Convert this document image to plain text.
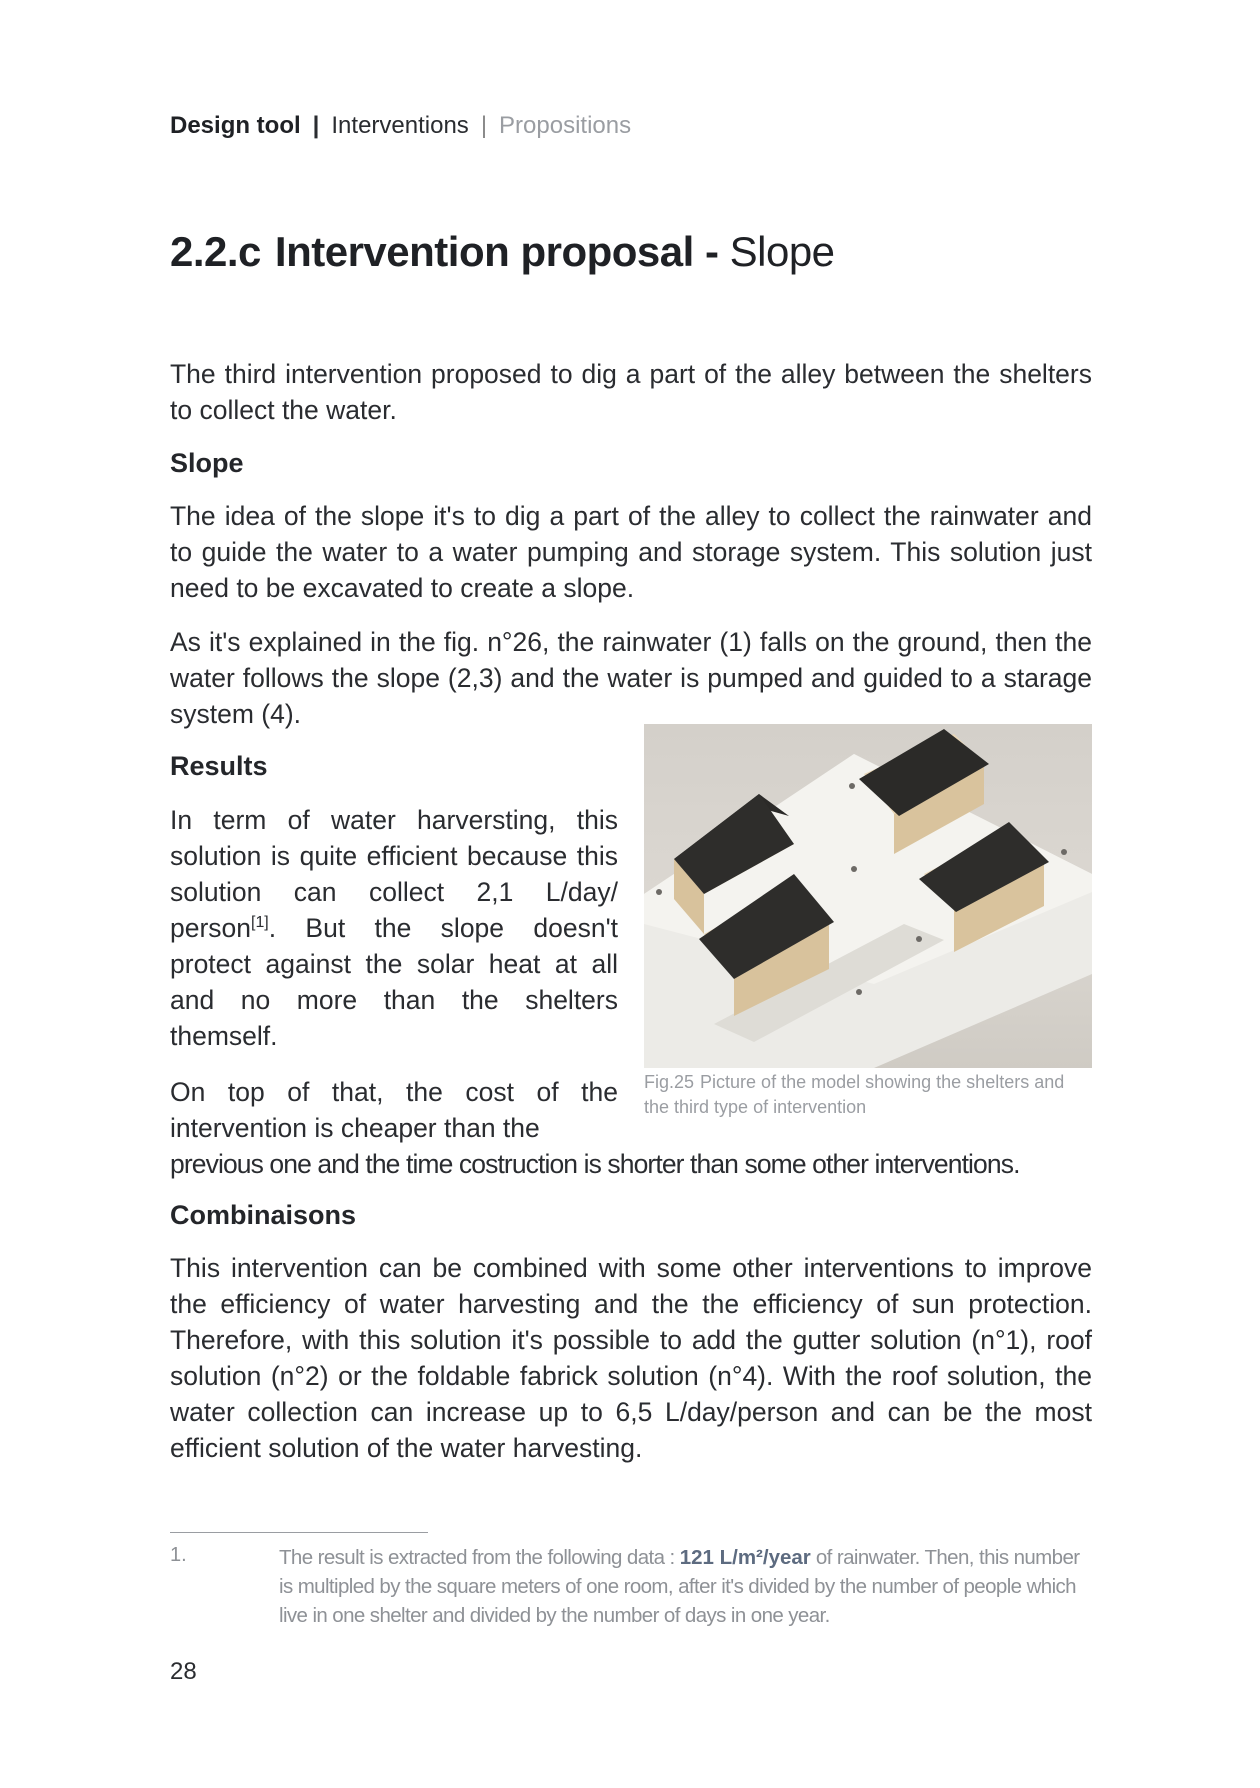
Design tool | Interventions | Propositions
2.2.c Intervention proposal - Slope

The third intervention proposed to dig a part of the alley between the shelters to collect the water.

Slope

The idea of the slope it's to dig a part of the alley to collect the rainwater and to guide the water to a water pumping and storage system. This solution just need to be excavated to create a slope.

As it's explained in the fig. n°26, the rainwater (1) falls on the ground, then the water follows the slope (2,3) and the water is pumped and guided to a starage system (4).

Results

In term of water harversting, this solution is quite efficient because this solution can collect 2,1 L/day/ person[1]. But the slope doesn't protect against the solar heat at all and no more than the shelters themself.

On top of that, the cost of the intervention is cheaper than the

previous one and the time costruction is shorter than some other interventions.
Fig.25 Picture of the model showing the shelters and the third type of intervention

Combinaisons

This intervention can be combined with some other interventions to improve the efficiency of water harvesting and the the efficiency of sun protection. Therefore, with this solution it's possible to add the gutter solution (n°1), roof solution (n°2) or the foldable fabrick solution (n°4). With the roof solution, the water collection can increase up to 6,5 L/day/person and can be the most efficient solution of the water harvesting.

1.	The result is extracted from the following data : 121 L/m²/year of rainwater. Then, this number is multipled by the square meters of one room, after it's divided by the number of people which live in one shelter and divided by the number of days in one year.
28
